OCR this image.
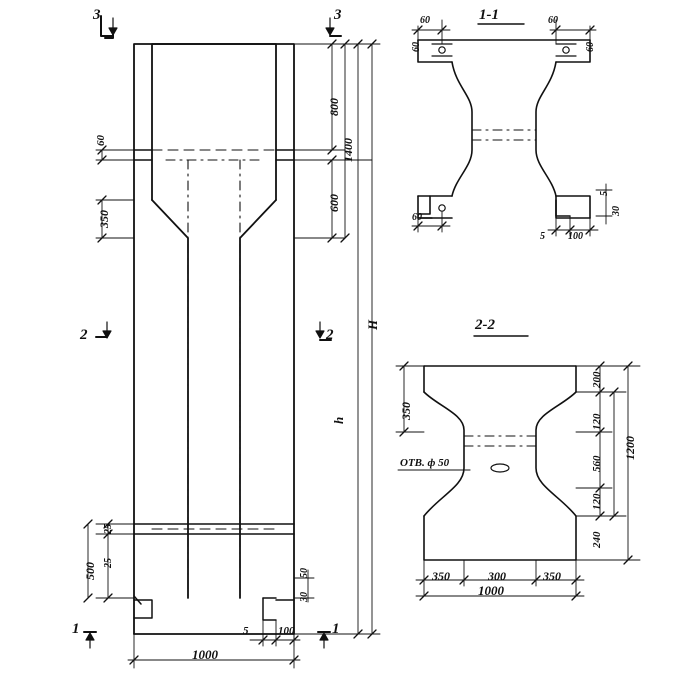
3	3
2	2
1	1
60
350
25
25
500
800
600
1400
H
h
1000
5	100
50
30
1-1
60
60
60
60
60
5
30
5 100
2-2
350
200
120
560
120
240
1200
350	300	350
1000
ОТВ. ф 50
